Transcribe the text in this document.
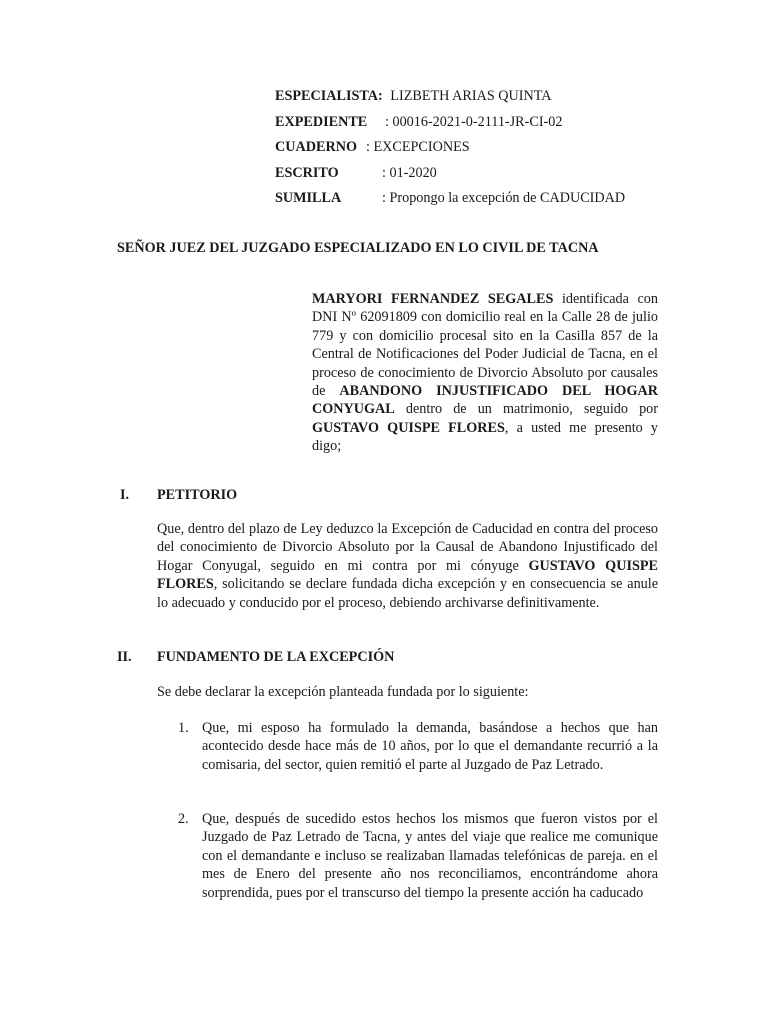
ESPECIALISTA: LIZBETH ARIAS QUINTA
EXPEDIENTE : 00016-2021-0-2111-JR-CI-02
CUADERNO : EXCEPCIONES
ESCRITO	: 01-2020
SUMILLA	: Propongo la excepción de CADUCIDAD
SEÑOR JUEZ DEL JUZGADO ESPECIALIZADO EN LO CIVIL DE TACNA
MARYORI FERNANDEZ SEGALES identificada con DNI Nº 62091809 con domicilio real en la Calle 28 de julio 779 y con domicilio procesal sito en la Casilla 857 de la Central de Notificaciones del Poder Judicial de Tacna, en el proceso de conocimiento de Divorcio Absoluto por causales de ABANDONO INJUSTIFICADO DEL HOGAR CONYUGAL dentro de un matrimonio, seguido por GUSTAVO QUISPE FLORES, a usted me presento y digo;
I. PETITORIO
Que, dentro del plazo de Ley deduzco la Excepción de Caducidad en contra del proceso del conocimiento de Divorcio Absoluto por la Causal de Abandono Injustificado del Hogar Conyugal, seguido en mi contra por mi cónyuge GUSTAVO QUISPE FLORES, solicitando se declare fundada dicha excepción y en consecuencia se anule lo adecuado y conducido por el proceso, debiendo archivarse definitivamente.
II. FUNDAMENTO DE LA EXCEPCIÓN
Se debe declarar la excepción planteada fundada por lo siguiente:
1. Que, mi esposo ha formulado la demanda, basándose a hechos que han acontecido desde hace más de 10 años, por lo que el demandante recurrió a la comisaria, del sector, quien remitió el parte al Juzgado de Paz Letrado.
2. Que, después de sucedido estos hechos los mismos que fueron vistos por el Juzgado de Paz Letrado de Tacna, y antes del viaje que realice me comunique con el demandante e incluso se realizaban llamadas telefónicas de pareja. en el mes de Enero del presente año nos reconciliamos, encontrándome ahora sorprendida, pues por el transcurso del tiempo la presente acción ha caducado
